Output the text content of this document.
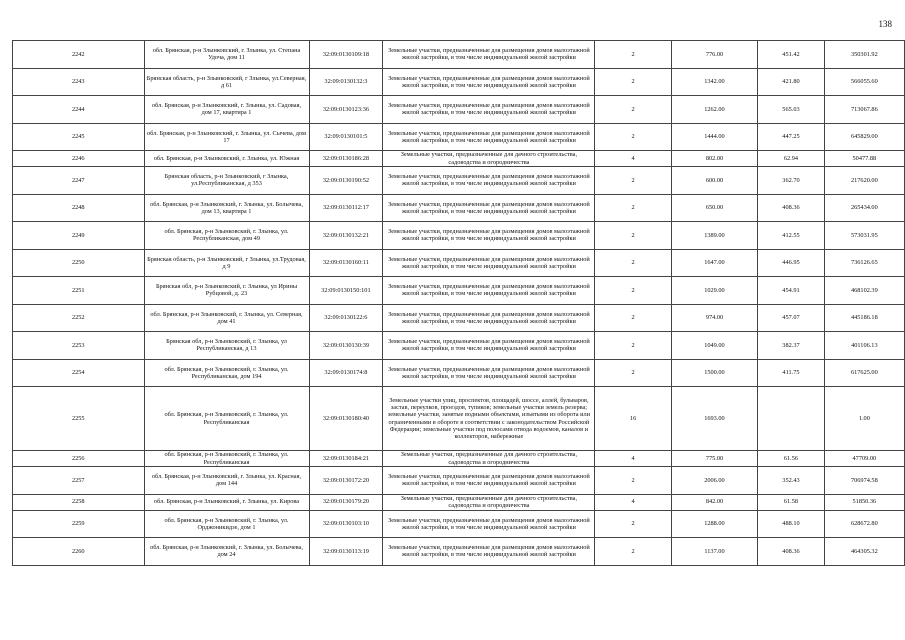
138
2242	обл. Брянская, р-н Злынковский, г. Злынка, ул. Степана Удоча, дом 11	32:09:0130109:18	Земельные участки, предназначенные для размещения домов малоэтажной жилой застройки, в том числе индивидуальной жилой застройки	2	776.00	451.42	350301.92
2243	Брянская область, р-н Злынковский, г Злынка, ул.Северная, д 61	32:09:0130132:3	Земельные участки, предназначенные для размещения домов малоэтажной жилой застройки, в том числе индивидуальной жилой застройки	2	1342.00	421.80	566055.60
2244	обл. Брянская, р-н Злынковский, г. Злынка, ул. Садовая, дом 17, квартира 1	32:09:0130123:36	Земельные участки, предназначенные для размещения домов малоэтажной жилой застройки, в том числе индивидуальной жилой застройки	2	1262.00	565.03	713067.86
2245	обл. Брянская, р-н Злынковский, г. Злынка, ул. Сычева, дом 17	32:09:0130101:5	Земельные участки, предназначенные для размещения домов малоэтажной жилой застройки, в том числе индивидуальной жилой застройки	2	1444.00	447.25	645829.00
2246	обл. Брянская, р-н Злынковский, г. Злынка, ул. Южная	32:09:0130186:28	Земельные участки, предназначенные для дачного строительства, садоводства и огородничества	4	802.00	62.94	50477.88
2247	Брянская область, р-н Злынковский, г Злынка, ул.Республиканская, д 353	32:09:0130190:52	Земельные участки, предназначенные для размещения домов малоэтажной жилой застройки, в том числе индивидуальной жилой застройки	2	600.00	362.70	217620.00
2248	обл. Брянская, р-н Злынковский, г. Злынка, ул. Болычева, дом 13, квартира 1	32:09:0130112:17	Земельные участки, предназначенные для размещения домов малоэтажной жилой застройки, в том числе индивидуальной жилой застройки	2	650.00	408.36	265434.00
2249	обл. Брянская, р-н Злынковский, г. Злынка, ул. Республиканская, дом 49	32:09:0130132:21	Земельные участки, предназначенные для размещения домов малоэтажной жилой застройки, в том числе индивидуальной жилой застройки	2	1389.00	412.55	573031.95
2250	Брянская область, р-н Злынковский, г Злынка, ул.Трудовая, д 9	32:09:0130160:11	Земельные участки, предназначенные для размещения домов малоэтажной жилой застройки, в том числе индивидуальной жилой застройки	2	1647.00	446.95	736126.65
2251	Брянская обл, р-н Злынковский, г. Злынка, ул Ирины Рубцовой, д. 23	32:09:0130150:101	Земельные участки, предназначенные для размещения домов малоэтажной жилой застройки, в том числе индивидуальной жилой застройки	2	1029.00	454.91	468102.39
2252	обл. Брянская, р-н Злынковский, г. Злынка, ул. Северная, дом 41	32:09:0130122:6	Земельные участки, предназначенные для размещения домов малоэтажной жилой застройки, в том числе индивидуальной жилой застройки	2	974.00	457.07	445186.18
2253	Брянская обл, р-н Злынковский, г. Злынка, ул Республиканская, д 13	32:09:0130130:39	Земельные участки, предназначенные для размещения домов малоэтажной жилой застройки, в том числе индивидуальной жилой застройки	2	1049.00	382.37	401106.13
2254	обл. Брянская, р-н Злынковский, г. Злынка, ул. Республиканская, дом 194	32:09:0130174:8	Земельные участки, предназначенные для размещения домов малоэтажной жилой застройки, в том числе индивидуальной жилой застройки	2	1500.00	411.75	617625.00
2255	обл. Брянская, р-н Злынковский, г. Злынка, ул. Республиканская	32:09:0130180:40	Земельные участки улиц, проспектов, площадей, шоссе, аллей, бульваров, застав, переулков, проездов, тупиков; земельные участки земель резерва; земельные участки, занятые водными объектами, изъятыми из оборота или ограниченными в обороте в соответствии с законодательством Российской Федерации; земельные участки под полосами отвода водоемов, каналов и коллекторов, набережные	16	1693.00		1.00
2256	обл. Брянская, р-н Злынковский, г. Злынка, ул. Республиканская	32:09:0130184:21	Земельные участки, предназначенные для дачного строительства, садоводства и огородничества	4	775.00	61.56	47709.00
2257	обл. Брянская, р-н Злынковский, г. Злынка, ул. Красная, дом 144	32:09:0130172:20	Земельные участки, предназначенные для размещения домов малоэтажной жилой застройки, в том числе индивидуальной жилой застройки	2	2006.00	352.43	706974.58
2258	обл. Брянская, р-н Злынковский, г. Злынка, ул. Кирова	32:09:0130179:20	Земельные участки, предназначенные для дачного строительства, садоводства и огородничества	4	842.00	61.58	51850.36
2259	обл. Брянская, р-н Злынковский, г. Злынка, ул. Орджоникидзе, дом 1	32:09:0130103:10	Земельные участки, предназначенные для размещения домов малоэтажной жилой застройки, в том числе индивидуальной жилой застройки	2	1288.00	488.10	628672.80
2260	обл. Брянская, р-н Злынковский, г. Злынка, ул. Болычева, дом 24	32:09:0130113:19	Земельные участки, предназначенные для размещения домов малоэтажной жилой застройки, в том числе индивидуальной жилой застройки	2	1137.00	408.36	464305.32
